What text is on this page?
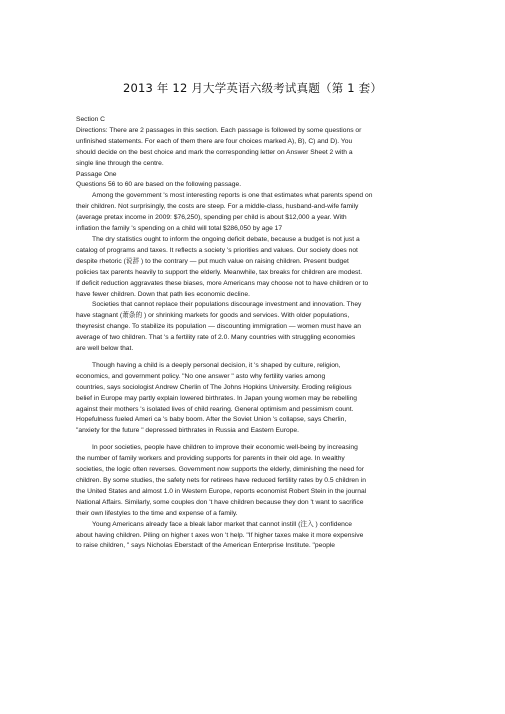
2013 年 12 月大学英语六级考试真题（第 1 套）

Section C

Directions: There are 2 passages in this section. Each passage is followed by some questions or

unfinished statements. For each of them there are four choices marked A), B), C) and D). You

should decide on the best choice and mark the corresponding letter on Answer Sheet 2 with a

single line through the centre.

Passage One

Questions 56 to 60 are based on the following passage.

Among the government 's most interesting reports is one that estimates what parents spend on

their children. Not surprisingly, the costs are steep. For a middle-class, husband-and-wife family

(average pretax income in 2009: $76,250), spending per child is about $12,000 a year. With

inflation the family 's spending on a child will total $286,050 by age 17

The dry statistics ought to inform the ongoing deficit debate, because a budget is not just a

catalog of programs and taxes. It reflects a society 's priorities and values. Our society does not

despite rhetoric (说辞 ) to the contrary — put much value on raising children. Present budget

policies tax parents heavily to support the elderly. Meanwhile, tax breaks for children are modest.

If deficit reduction aggravates these biases, more Americans may choose not to have children or to

have fewer children. Down that path lies economic decline.

Societies that cannot replace their populations discourage investment and innovation. They

have stagnant (萧条的 ) or shrinking markets for goods and services. With older populations,

theyresist change. To stabilize its population — discounting immigration — women must have an

average of two children. That 's a fertility rate of 2.0. Many countries with struggling economies

are well below that.

Though having a child is a deeply personal decision, it 's shaped by culture, religion,

economics, and government policy. "No one answer " asto why fertility varies among

countries, says sociologist Andrew Cherlin of The Johns Hopkins University. Eroding religious

belief in Europe may partly explain lowered birthrates. In Japan young women may be rebelling

against their mothers 's isolated lives of child rearing. General optimism and pessimism count.

Hopefulness fueled Ameri ca 's baby boom. After the Soviet Union 's collapse, says Cherlin,

"anxiety for the future " depressed birthrates in Russia and Eastern Europe.

In poor societies, people have children to improve their economic well-being by increasing

the number of family workers and providing supports for parents in their old age. In wealthy

societies, the logic often reverses. Government now supports the elderly, diminishing the need for

children. By some studies, the safety nets for retirees have reduced fertility rates by 0.5 children in

the United States and almost 1.0 in Western Europe, reports economist Robert Stein in the journal

National Affairs. Similarly, some couples don 't have children because they don 't want to sacrifice

their own lifestyles to the time and expense of a family.

Young Americans already face a bleak labor market that cannot instill (注入 ) confidence

about having children. Piling on higher t axes won 't help. "If higher taxes make it more expensive

to raise children, " says Nicholas Eberstadt of the American Enterprise Institute. "people
